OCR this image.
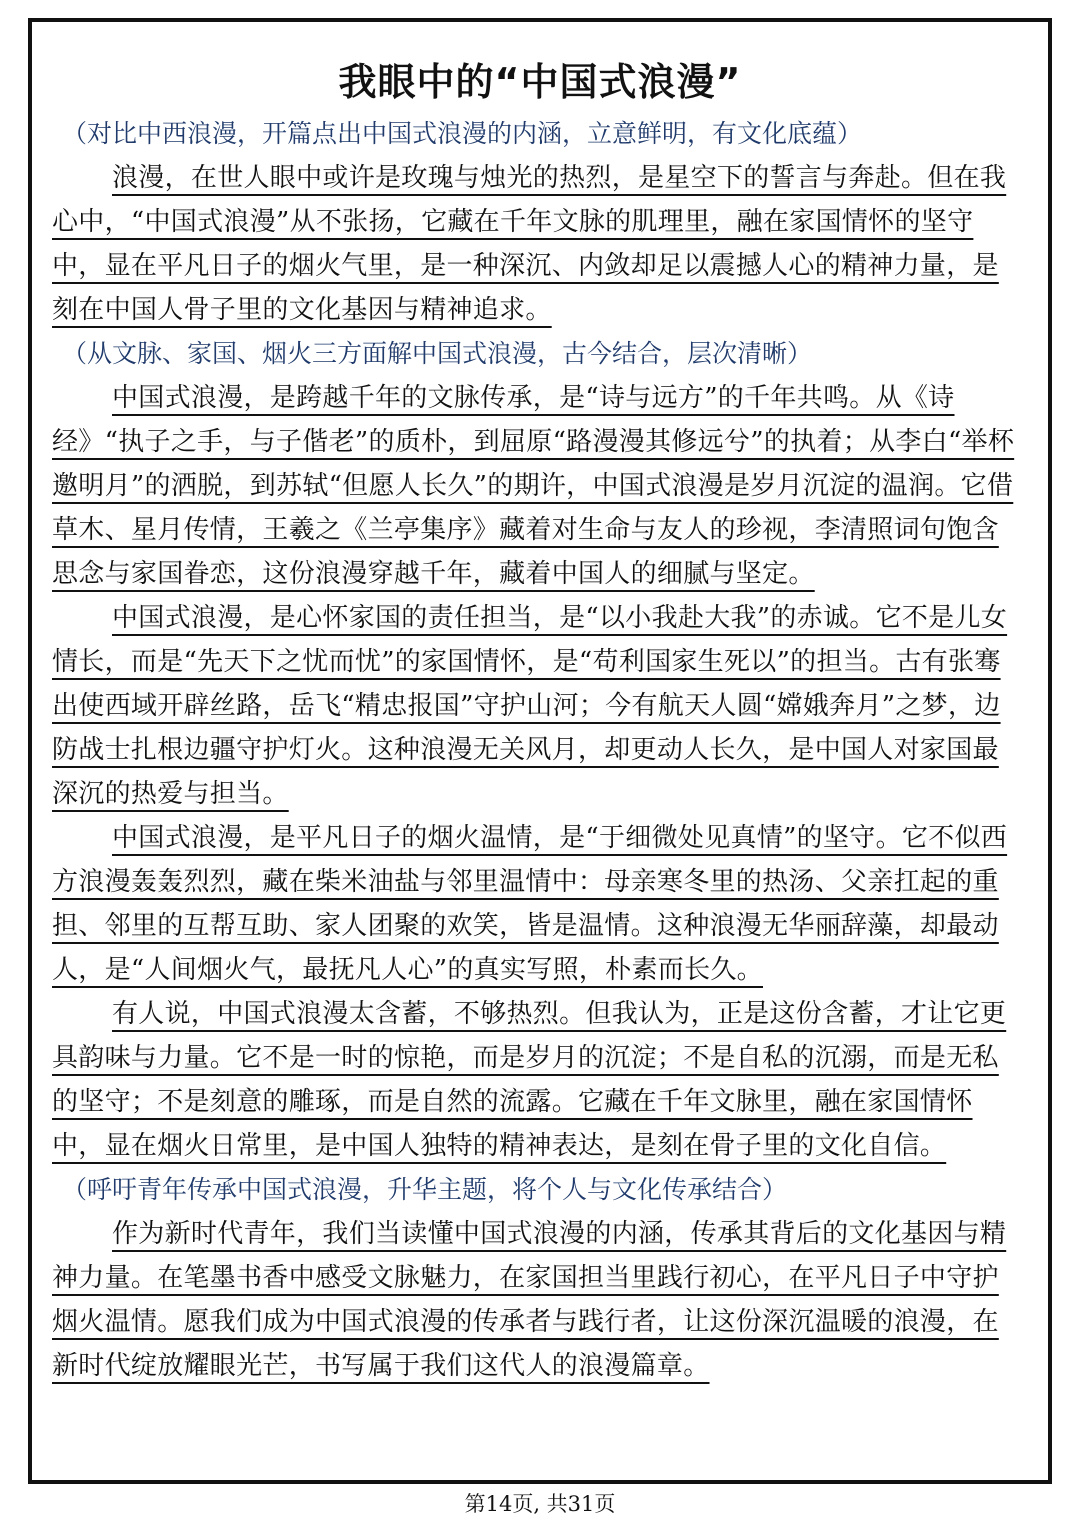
我眼中的“中国式浪漫”
（对比中西浪漫，开篇点出中国式浪漫的内涵，立意鲜明，有文化底蕴）
浪漫，在世人眼中或许是玫瑰与烛光的热烈，是星空下的誓言与奔赴。但在我心中，“中国式浪漫”从不张扬，它藏在千年文脉的肌理里，融在家国情怀的坚守中，显在平凡日子的烟火气里，是一种深沉、内敛却足以震撼人心的精神力量，是刻在中国人骨子里的文化基因与精神追求。
（从文脉、家国、烟火三方面解中国式浪漫，古今结合，层次清晰）
中国式浪漫，是跨越千年的文脉传承，是“诗与远方”的千年共鸣。从《诗经》“执子之手，与子偕老”的质朴，到屈原“路漫漫其修远兮”的执着；从李白“举杯邀明月”的洒脱，到苏轼“但愿人长久”的期许，中国式浪漫是岁月沉淀的温润。它借草木、星月传情，王羲之《兰亭集序》藏着对生命与友人的珍视，李清照词句饱含思念与家国眷恋，这份浪漫穿越千年，藏着中国人的细腻与坚定。
中国式浪漫，是心怀家国的责任担当，是“以小我赴大我”的赤诚。它不是儿女情长，而是“先天下之忧而忧”的家国情怀，是“苟利国家生死以”的担当。古有张骞出使西域开辟丝路，岳飞“精忠报国”守护山河；今有航天人圆“嫦娥奔月”之梦，边防战士扎根边疆守护灯火。这种浪漫无关风月，却更动人长久，是中国人对家国最深沉的热爱与担当。
中国式浪漫，是平凡日子的烟火温情，是“于细微处见真情”的坚守。它不似西方浪漫轰轰烈烈，藏在柴米油盐与邻里温情中：母亲寒冬里的热汤、父亲扛起的重担、邻里的互帮互助、家人团聚的欢笑，皆是温情。这种浪漫无华丽辞藻，却最动人，是“人间烟火气，最抚凡人心”的真实写照，朴素而长久。
有人说，中国式浪漫太含蓄，不够热烈。但我认为，正是这份含蓄，才让它更具韵味与力量。它不是一时的惊艳，而是岁月的沉淀；不是自私的沉溺，而是无私的坚守；不是刻意的雕琢，而是自然的流露。它藏在千年文脉里，融在家国情怀中，显在烟火日常里，是中国人独特的精神表达，是刻在骨子里的文化自信。
（呼吁青年传承中国式浪漫，升华主题，将个人与文化传承结合）
作为新时代青年，我们当读懂中国式浪漫的内涵，传承其背后的文化基因与精神力量。在笔墨书香中感受文脉魅力，在家国担当里践行初心，在平凡日子中守护烟火温情。愿我们成为中国式浪漫的传承者与践行者，让这份深沉温暖的浪漫，在新时代绽放耀眼光芒，书写属于我们这代人的浪漫篇章。
第14页, 共31页
